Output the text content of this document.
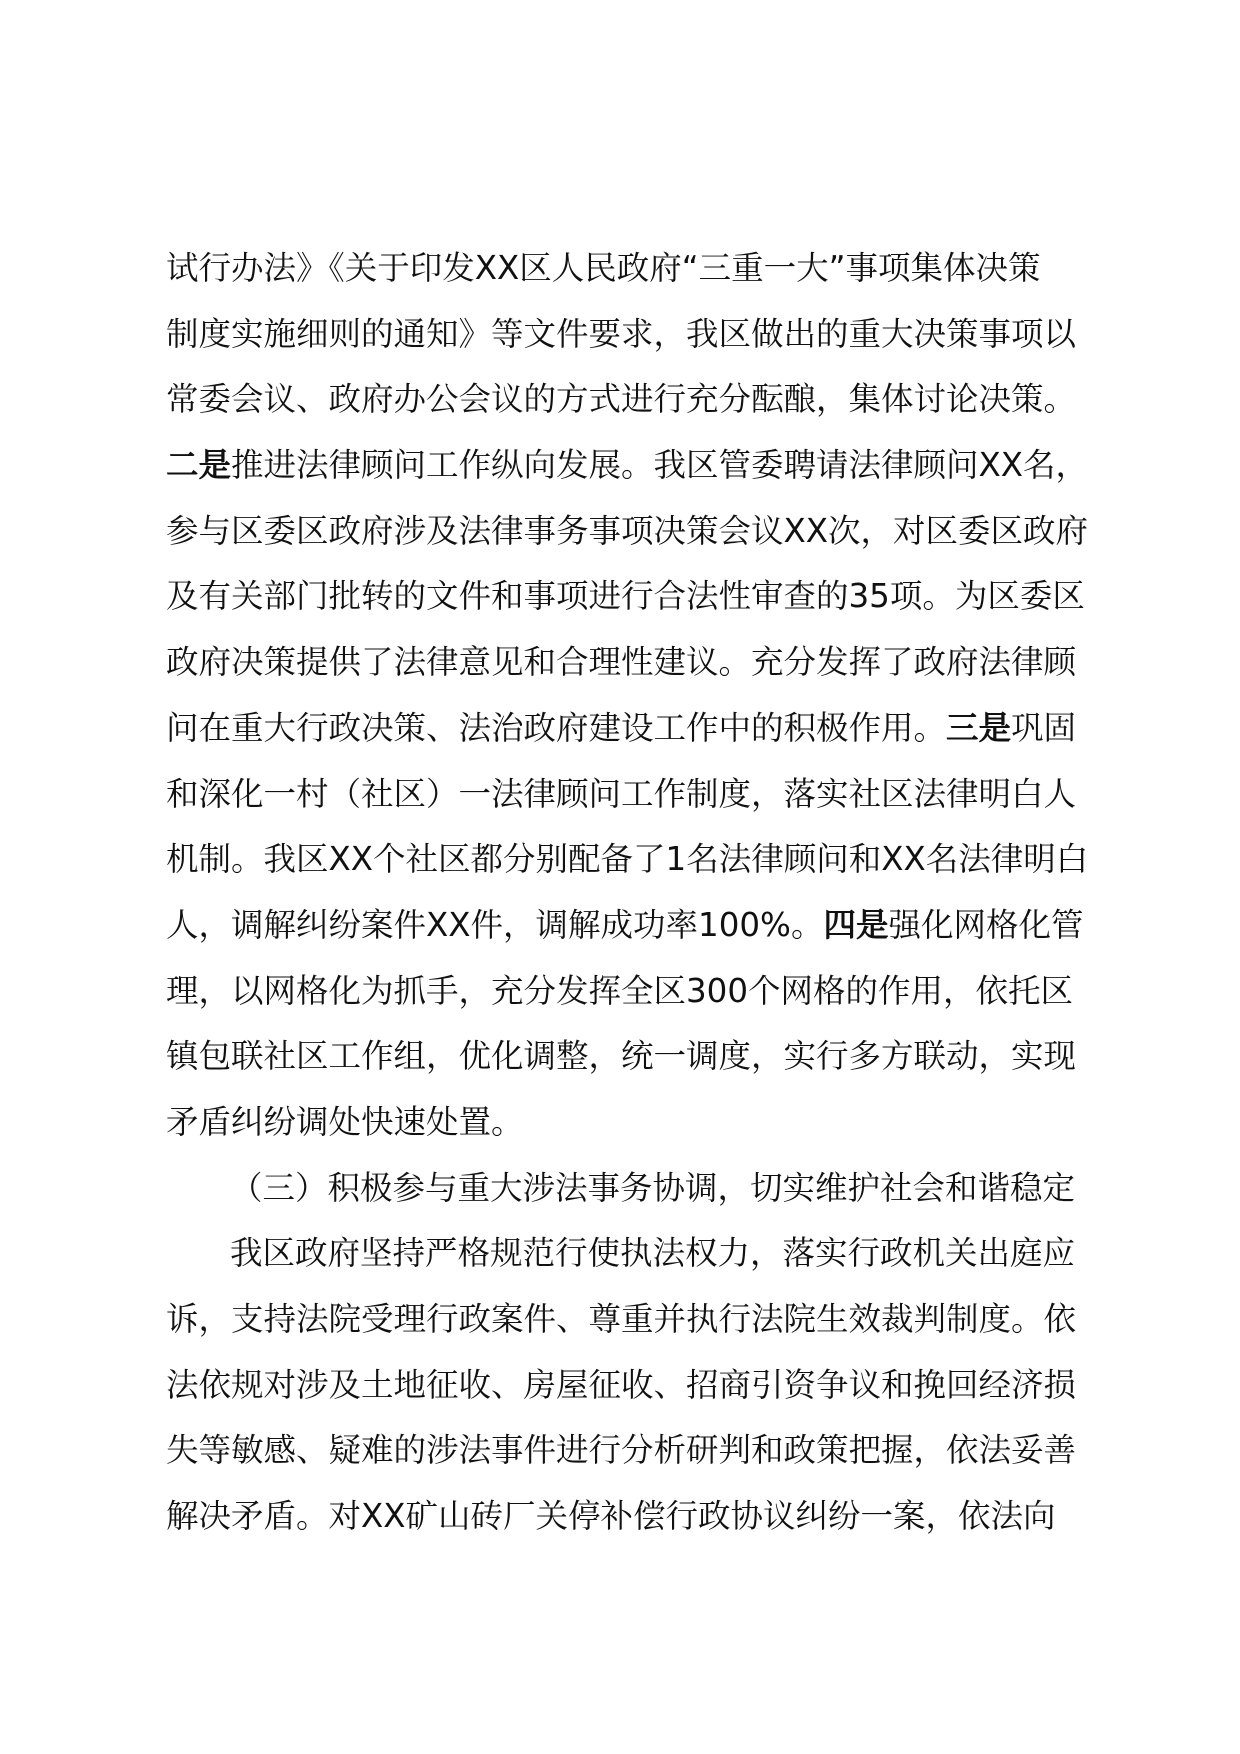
试行办法》《关于印发XX区人民政府“三重一大”事项集体决策
制度实施细则的通知》等文件要求，我区做出的重大决策事项以
常委会议、政府办公会议的方式进行充分酝酿，集体讨论决策。
二是推进法律顾问工作纵向发展。我区管委聘请法律顾问XX名，
参与区委区政府涉及法律事务事项决策会议XX次，对区委区政府
及有关部门批转的文件和事项进行合法性审查的35项。为区委区
政府决策提供了法律意见和合理性建议。充分发挥了政府法律顾
问在重大行政决策、法治政府建设工作中的积极作用。三是巩固
和深化一村（社区）一法律顾问工作制度，落实社区法律明白人
机制。我区XX个社区都分别配备了1名法律顾问和XX名法律明白
人，调解纠纷案件XX件，调解成功率100%。四是强化网格化管
理，以网格化为抓手，充分发挥全区300个网格的作用，依托区
镇包联社区工作组，优化调整，统一调度，实行多方联动，实现
矛盾纠纷调处快速处置。
（三）积极参与重大涉法事务协调，切实维护社会和谐稳定
我区政府坚持严格规范行使执法权力，落实行政机关出庭应
诉，支持法院受理行政案件、尊重并执行法院生效裁判制度。依
法依规对涉及土地征收、房屋征收、招商引资争议和挽回经济损
失等敏感、疑难的涉法事件进行分析研判和政策把握，依法妥善
解决矛盾。对XX矿山砖厂关停补偿行政协议纠纷一案，依法向
